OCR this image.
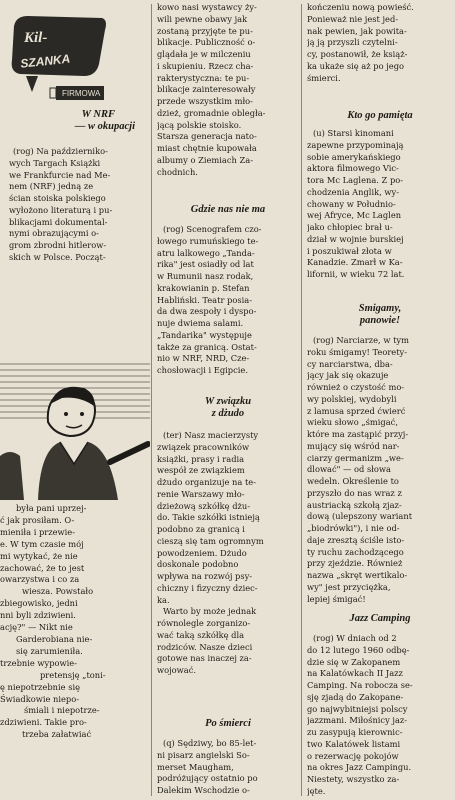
Kil-
SZANKA
FIRMOWA

W NRF

— w okupacji

(rog) Na październiko-

wych Targach Książki

we Frankfurcie nad Me-

nem (NRF) jedną ze

ścian stoiska polskiego

wyłożono literaturą i pu-

blikacjami dokumental-

nymi obrazującymi o-

grom zbrodni hitlerow-

skich w Polsce. Począt-

była pani uprzej-

ć jak prosiłam. O-

mieniła i przewie-

e. W tym czasie mój

mi wytykać, że nie

zachować, że to jest

owarzystwa i co za

wiesza. Powstało

zbiegowisko, jedni

nni byli zdziwieni.

ację?" — Nikt nie

Garderobiana nie-

się zarumieniła.

trzebnie wypowie-

pretensję „toni-

ę niepotrzebnie się

Świadkowie niepo-

śmiali i niepotrze-

zdziwieni. Takie pro-

trzeba załatwiać

kowo nasi wystawcy ży-

wili pewne obawy jak

zostaną przyjęte te pu-

blikacje. Publiczność o-

glądała je w milczeniu

i skupieniu. Rzecz cha-

rakterystyczna: te pu-

blikacje zainteresowały

przede wszystkim mło-

dzież, gromadnie obległa-

jącą polskie stoisko.

Starsza generacja nato-

miast chętnie kupowała

albumy o Ziemiach Za-

chodnich.

Gdzie nas nie ma

(rog) Scenografem czo-

łowego rumuńskiego te-

atru lalkowego „Tanda-

rika" jest osiadły od lat

w Rumunii nasz rodak,

krakowianin p. Stefan

Habliński. Teatr posia-

da dwa zespoły i dyspo-

nuje dwiema salami.

„Tandarika" występuje

także za granicą. Ostat-

nio w NRF, NRD, Cze-

chosłowacji i Egipcie.

W związku

z dżudo

(ter) Nasz macierzysty

związek pracowników

książki, prasy i radia

wespół ze związkiem

dżudo organizuje na te-

renie Warszawy mło-

dzieżową szkółkę dżu-

do. Takie szkółki istnieją

podobno za granicą i

cieszą się tam ogromnym

powodzeniem. Dżudo

doskonale podobno

wpływa na rozwój psy-

chiczny i fizyczny dziec-

ka.

Warto by może jednak

równolegle zorganizo-

wać taką szkółkę dla

rodziców. Nasze dzieci

gotowe nas inaczej za-

wojować.

Po śmierci

(q) Sędziwy, bo 85-let-

ni pisarz angielski So-

merset Maugham,

podróżujący ostatnio po

Dalekim Wschodzie o-

kończeniu nową powieść.

Ponieważ nie jest jed-

nak pewien, jak powita-

ją ją przyszli czytelni-

cy, postanowił, że książ-

ka ukaże się aż po jego

śmierci.

Kto go pamięta

(u) Starsi kinomani

zapewne przypominają

sobie amerykańskiego

aktora filmowego Vic-

tora Mc Laglena. Z po-

chodzenia Anglik, wy-

chowany w Południo-

wej Afryce, Mc Laglen

jako chłopiec brał u-

dział w wojnie burskiej

i poszukiwał złota w

Kanadzie. Zmarł w Ka-

lifornii, w wieku 72 lat.

Śmigamy,

panowie!

(rog) Narciarze, w tym

roku śmigamy! Teorety-

cy narciarstwa, dba-

jący jak się okazuje

również o czystość mo-

wy polskiej, wydobyli

z lamusa sprzed ćwierć

wieku słowo „śmigać,

które ma zastąpić przyj-

mujący się wśród nar-

ciarzy germanizm „we-

dlować" — od słowa

wedeln. Określenie to

przyszło do nas wraz z

austriacką szkołą zjaz-

dową (ulepszony wariant

„biodrówki"), i nie od-

daje zresztą ściśle isto-

ty ruchu zachodzącego

przy zjeździe. Również

nazwa „skręt wertikalo-

wy" jest przyciężka,

lepiej śmigać!

Jazz Camping

(rog) W dniach od 2

do 12 lutego 1960 odbę-

dzie się w Zakopanem

na Kalatówkach II Jazz

Camping. Na robocza se-

sję zjadą do Zakopane-

go najwybitniejsi polscy

jazzmani. Miłośnicy jaz-

zu zasypują kierownic-

two Kalatówek listami

o rezerwację pokojów

na okres Jazz Campingu.

Niestety, wszystko za-

jęte.
